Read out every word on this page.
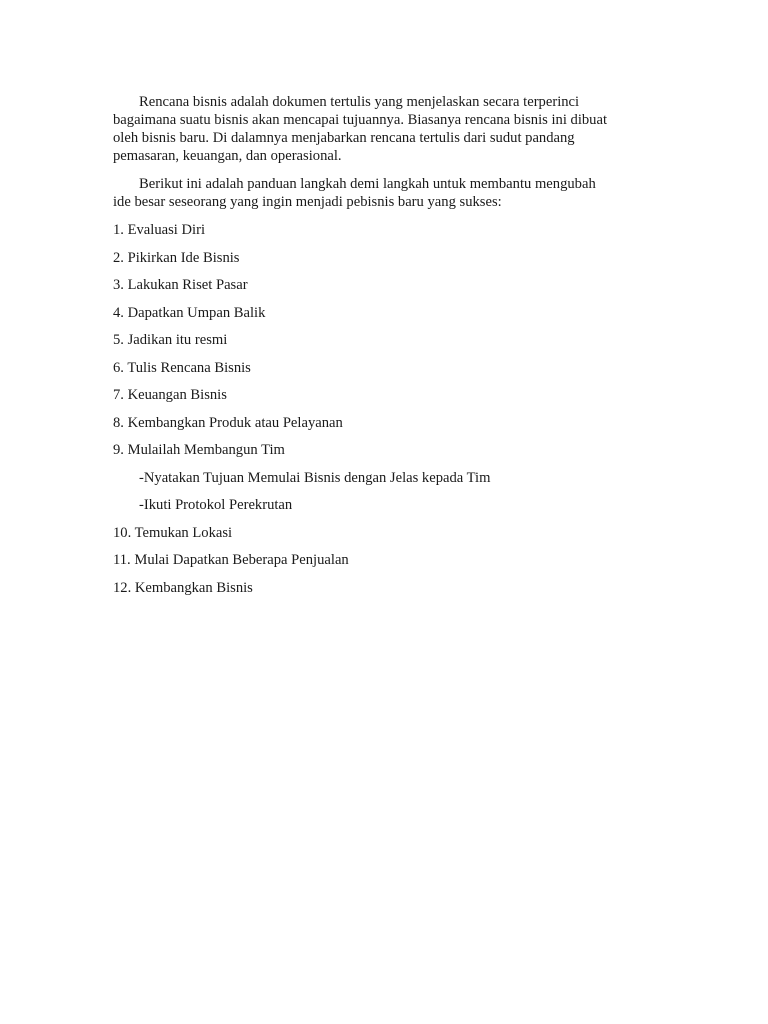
Rencana bisnis adalah dokumen tertulis yang menjelaskan secara terperinci
bagaimana suatu bisnis akan mencapai tujuannya. Biasanya rencana bisnis ini dibuat
oleh bisnis baru. Di dalamnya menjabarkan rencana tertulis dari sudut pandang
pemasaran, keuangan, dan operasional.

Berikut ini adalah panduan langkah demi langkah untuk membantu mengubah
ide besar seseorang yang ingin menjadi pebisnis baru yang sukses:

1. Evaluasi Diri
2. Pikirkan Ide Bisnis
3. Lakukan Riset Pasar
4. Dapatkan Umpan Balik
5. Jadikan itu resmi
6. Tulis Rencana Bisnis
7. Keuangan Bisnis
8. Kembangkan Produk atau Pelayanan
9. Mulailah Membangun Tim
-Nyatakan Tujuan Memulai Bisnis dengan Jelas kepada Tim
-Ikuti Protokol Perekrutan
10. Temukan Lokasi
11. Mulai Dapatkan Beberapa Penjualan
12. Kembangkan Bisnis
